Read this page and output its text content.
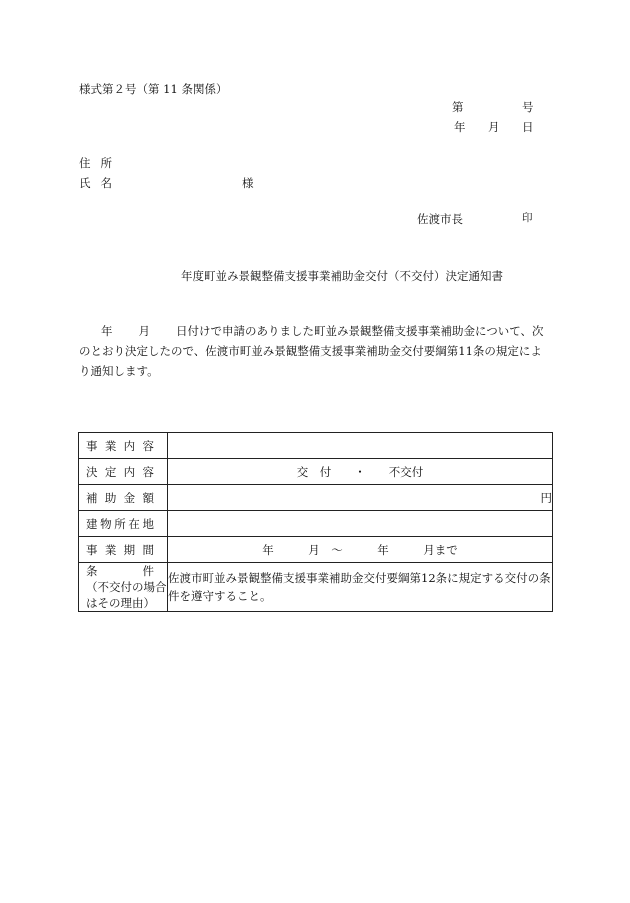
様式第２号（第 11 条関係）
第	号
年 月 日
住所
氏名	様
佐渡市長	印
年度町並み景観整備支援事業補助金交付（不交付）決定通知書
年 月 日付けで申請のありました町並み景観整備支援事業補助金について、次のとおり決定したので、佐渡市町並み景観整備支援事業補助金交付要綱第11条の規定により通知します。
事 業 内 容	

決 定 内 容	交　付　　・　　不交付

補 助 金 額	円

建 物 所 在 地	

事 業 期 間	年　　　月　～　　　年　　　月まで

条 件
（不交付の場合はその理由）	佐渡市町並み景観整備支援事業補助金交付要綱第12条に規定する交付の条件を遵守すること。
